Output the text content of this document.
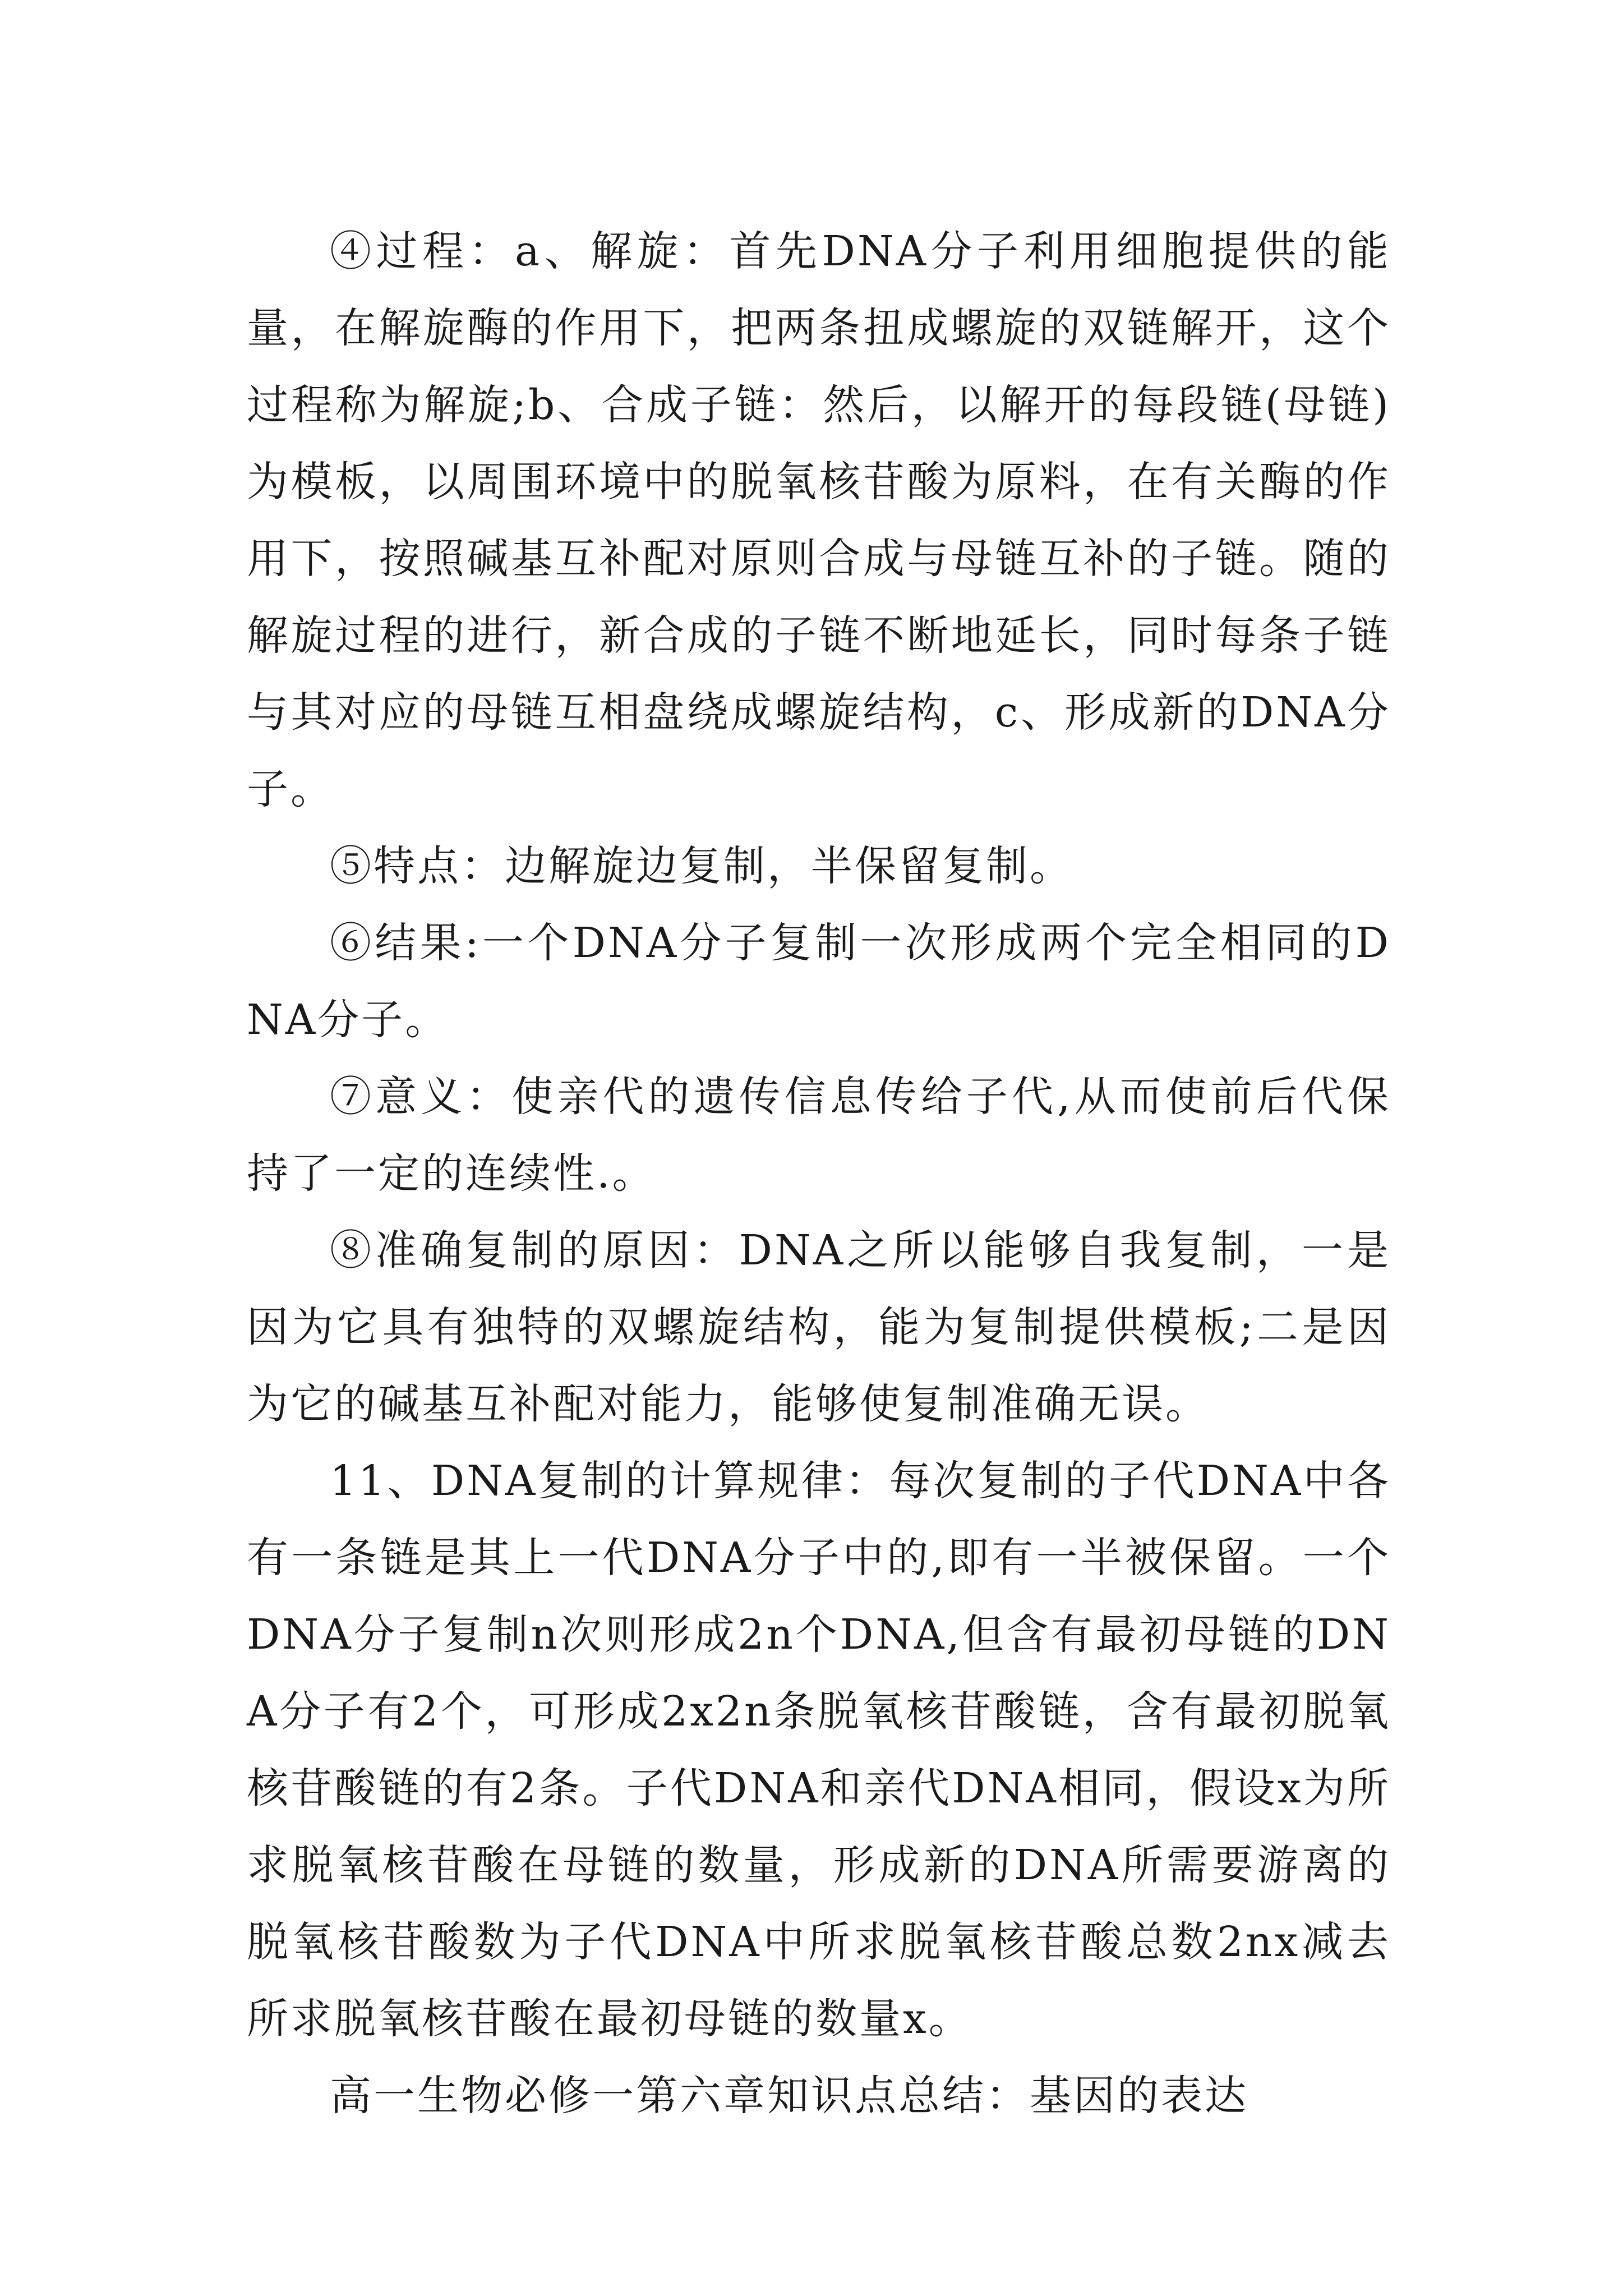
④过程：a、解旋：首先DNA分子利用细胞提供的能量，在解旋酶的作用下，把两条扭成螺旋的双链解开，这个过程称为解旋;b、合成子链：然后，以解开的每段链(母链)为模板，以周围环境中的脱氧核苷酸为原料，在有关酶的作用下，按照碱基互补配对原则合成与母链互补的子链。随的解旋过程的进行，新合成的子链不断地延长，同时每条子链与其对应的母链互相盘绕成螺旋结构，c、形成新的DNA分子。

⑤特点：边解旋边复制，半保留复制。

⑥结果:一个DNA分子复制一次形成两个完全相同的DNA分子。

⑦意义：使亲代的遗传信息传给子代,从而使前后代保持了一定的连续性.。

⑧准确复制的原因：DNA之所以能够自我复制，一是因为它具有独特的双螺旋结构，能为复制提供模板;二是因为它的碱基互补配对能力，能够使复制准确无误。

11、DNA复制的计算规律：每次复制的子代DNA中各有一条链是其上一代DNA分子中的,即有一半被保留。一个DNA分子复制n次则形成2n个DNA,但含有最初母链的DNA分子有2个，可形成2x2n条脱氧核苷酸链，含有最初脱氧核苷酸链的有2条。子代DNA和亲代DNA相同，假设x为所求脱氧核苷酸在母链的数量，形成新的DNA所需要游离的脱氧核苷酸数为子代DNA中所求脱氧核苷酸总数2nx减去所求脱氧核苷酸在最初母链的数量x。

高一生物必修一第六章知识点总结：基因的表达
